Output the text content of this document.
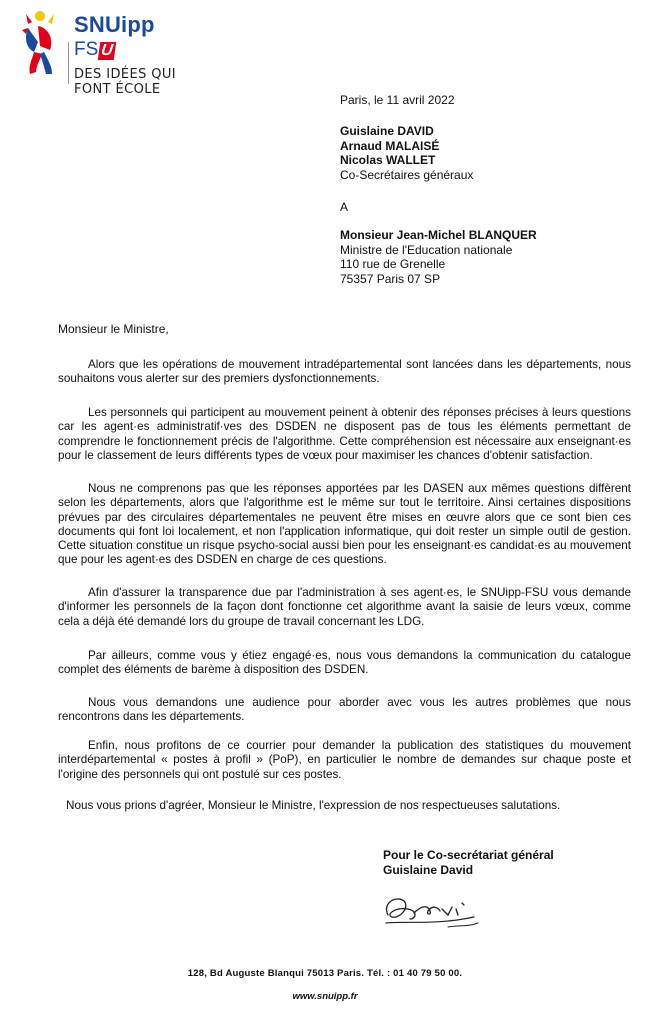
SNUipp
FS U
DES IDÉES QUI FONT ÉCOLE
Paris, le 11 avril 2022
Guislaine DAVID
Arnaud MALAISÉ
Nicolas WALLET
Co-Secrétaires généraux
A
Monsieur Jean-Michel BLANQUER
Ministre de l'Education nationale
110 rue de Grenelle
75357 Paris 07 SP
Monsieur le Ministre,

Alors que les opérations de mouvement intradépartemental sont lancées dans les départements, nous souhaitons vous alerter sur des premiers dysfonctionnements.

Les personnels qui participent au mouvement peinent à obtenir des réponses précises à leurs questions car les agent·es administratif·ves des DSDEN ne disposent pas de tous les éléments permettant de comprendre le fonctionnement précis de l'algorithme. Cette compréhension est nécessaire aux enseignant·es pour le classement de leurs différents types de vœux pour maximiser les chances d'obtenir satisfaction.

Nous ne comprenons pas que les réponses apportées par les DASEN aux mêmes questions diffèrent selon les départements, alors que l'algorithme est le même sur tout le territoire. Ainsi certaines dispositions prévues par des circulaires départementales ne peuvent être mises en œuvre alors que ce sont bien ces documents qui font loi localement, et non l'application informatique, qui doit rester un simple outil de gestion. Cette situation constitue un risque psycho-social aussi bien pour les enseignant·es candidat·es au mouvement que pour les agent·es des DSDEN en charge de ces questions.

Afin d'assurer la transparence due par l'administration à ses agent·es, le SNUipp-FSU vous demande d'informer les personnels de la façon dont fonctionne cet algorithme avant la saisie de leurs vœux, comme cela a déjà été demandé lors du groupe de travail concernant les LDG.

Par ailleurs, comme vous y étiez engagé·es, nous vous demandons la communication du catalogue complet des éléments de barème à disposition des DSDEN.

Nous vous demandons une audience pour aborder avec vous les autres problèmes que nous rencontrons dans les départements.

Enfin, nous profitons de ce courrier pour demander la publication des statistiques du mouvement interdépartemental « postes à profil » (PoP), en particulier le nombre de demandes sur chaque poste et l'origine des personnels qui ont postulé sur ces postes.

Nous vous prions d'agréer, Monsieur le Ministre, l'expression de nos respectueuses salutations.
Pour le Co-secrétariat général
Guislaine David
128, Bd Auguste Blanqui 75013 Paris. Tél. : 01 40 79 50 00.
www.snuipp.fr
